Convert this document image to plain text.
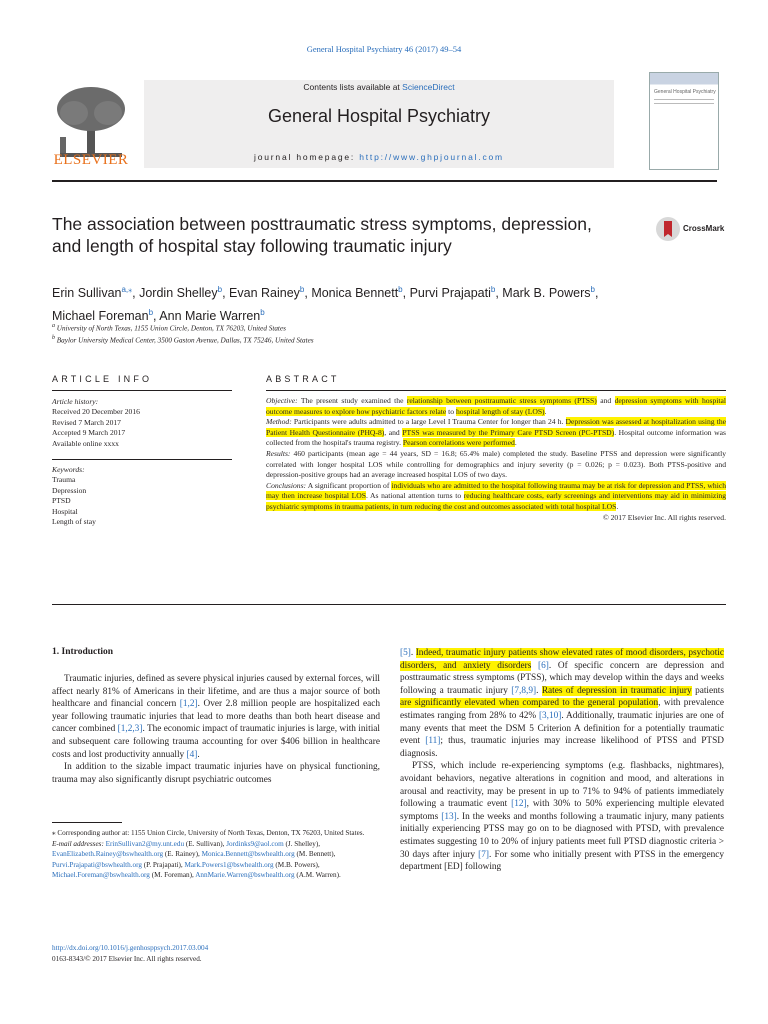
General Hospital Psychiatry 46 (2017) 49–54
ELSEVIER
Contents lists available at ScienceDirect
General Hospital Psychiatry
journal homepage: http://www.ghpjournal.com
General Hospital Psychiatry
The association between posttraumatic stress symptoms, depression, and length of hospital stay following traumatic injury
CrossMark
Erin Sullivan$^{a,⁎}$, Jordin Shelley$^b$, Evan Rainey$^b$, Monica Bennett$^b$, Purvi Prajapati$^b$, Mark B. Powers$^b$,
Michael Foreman$^b$, Ann Marie Warren$^b$
$^a$ University of North Texas, 1155 Union Circle, Denton, TX 76203, United States
$^b$ Baylor University Medical Center, 3500 Gaston Avenue, Dallas, TX 75246, United States
ARTICLE INFO	ABSTRACT
Article history:
Received 20 December 2016
Revised 7 March 2017
Accepted 9 March 2017
Available online xxxx
Keywords:
Trauma
Depression
PTSD
Hospital
Length of stay

Objective: The present study examined the relationship between posttraumatic stress symptoms (PTSS) and depression symptoms with hospital outcome measures to explore how psychiatric factors relate to hospital length of stay (LOS).

Method: Participants were adults admitted to a large Level I Trauma Center for longer than 24 h. Depression was assessed at hospitalization using the Patient Health Questionnaire (PHQ-8), and PTSS was measured by the Primary Care PTSD Screen (PC-PTSD). Hospital outcome information was collected from the hospital's trauma registry. Pearson correlations were performed.

Results: 460 participants (mean age = 44 years, SD = 16.8; 65.4% male) completed the study. Baseline PTSS and depression were significantly correlated with longer hospital LOS while controlling for demographics and injury severity (p = 0.026; p = 0.023). Both PTSS-positive and depression-positive groups had an average increased hospital LOS of two days.

Conclusions: A significant proportion of individuals who are admitted to the hospital following trauma may be at risk for depression and PTSS, which may then increase hospital LOS. As national attention turns to reducing healthcare costs, early screenings and interventions may aid in minimizing psychiatric symptoms in trauma patients, in turn reducing the cost and outcomes associated with total hospital LOS.

© 2017 Elsevier Inc. All rights reserved.

1. Introduction

Traumatic injuries, defined as severe physical injuries caused by external forces, will affect nearly 81% of Americans in their lifetime, and are thus a major source of both healthcare and financial concern [1,2]. Over 2.8 million people are hospitalized each year following traumatic injuries that lead to more deaths than both heart disease and cancer combined [1,2,3]. The economic impact of traumatic injuries is large, with initial and subsequent care following trauma accounting for over $406 billion in healthcare costs and lost productivity annually [4].

In addition to the sizable impact traumatic injuries have on physical functioning, trauma may also significantly disrupt psychiatric outcomes

⁎ Corresponding author at: 1155 Union Circle, University of North Texas, Denton, TX 76203, United States.

E-mail addresses: ErinSullivan2@my.unt.edu (E. Sullivan), Jordinks9@aol.com (J. Shelley), EvanElizabeth.Rainey@bswhealth.org (E. Rainey), Monica.Bennett@bswhealth.org (M. Bennett), Purvi.Prajapati@bswhealth.org (P. Prajapati), Mark.Powers1@bswhealth.org (M.B. Powers), Michael.Foreman@bswhealth.org (M. Foreman), AnnMarie.Warren@bswhealth.org (A.M. Warren).

http://dx.doi.org/10.1016/j.genhosppsych.2017.03.004
0163-8343/© 2017 Elsevier Inc. All rights reserved.

[5]. Indeed, traumatic injury patients show elevated rates of mood disorders, psychotic disorders, and anxiety disorders [6]. Of specific concern are depression and posttraumatic stress symptoms (PTSS), which may develop within the days and weeks following a traumatic injury [7,8,9]. Rates of depression in traumatic injury patients are significantly elevated when compared to the general population, with prevalence estimates ranging from 28% to 42% [3,10]. Additionally, traumatic injuries are one of many events that meet the DSM 5 Criterion A definition for a potentially traumatic event [11]; thus, traumatic injuries may increase likelihood of PTSS and PTSD diagnosis.

PTSS, which include re-experiencing symptoms (e.g. flashbacks, nightmares), avoidant behaviors, negative alterations in cognition and mood, and alterations in arousal and reactivity, may be present in up to 71% to 94% of patients immediately following a traumatic event [12], with 30% to 50% experiencing multiple elevated symptoms [13]. In the weeks and months following a traumatic injury, many patients initially experiencing PTSS may go on to be diagnosed with PTSD, with prevalence estimates suggesting 10 to 20% of injury patients meet full PTSD diagnostic criteria > 30 days after injury [7]. For some who initially present with PTSS in the emergency department [ED] following
